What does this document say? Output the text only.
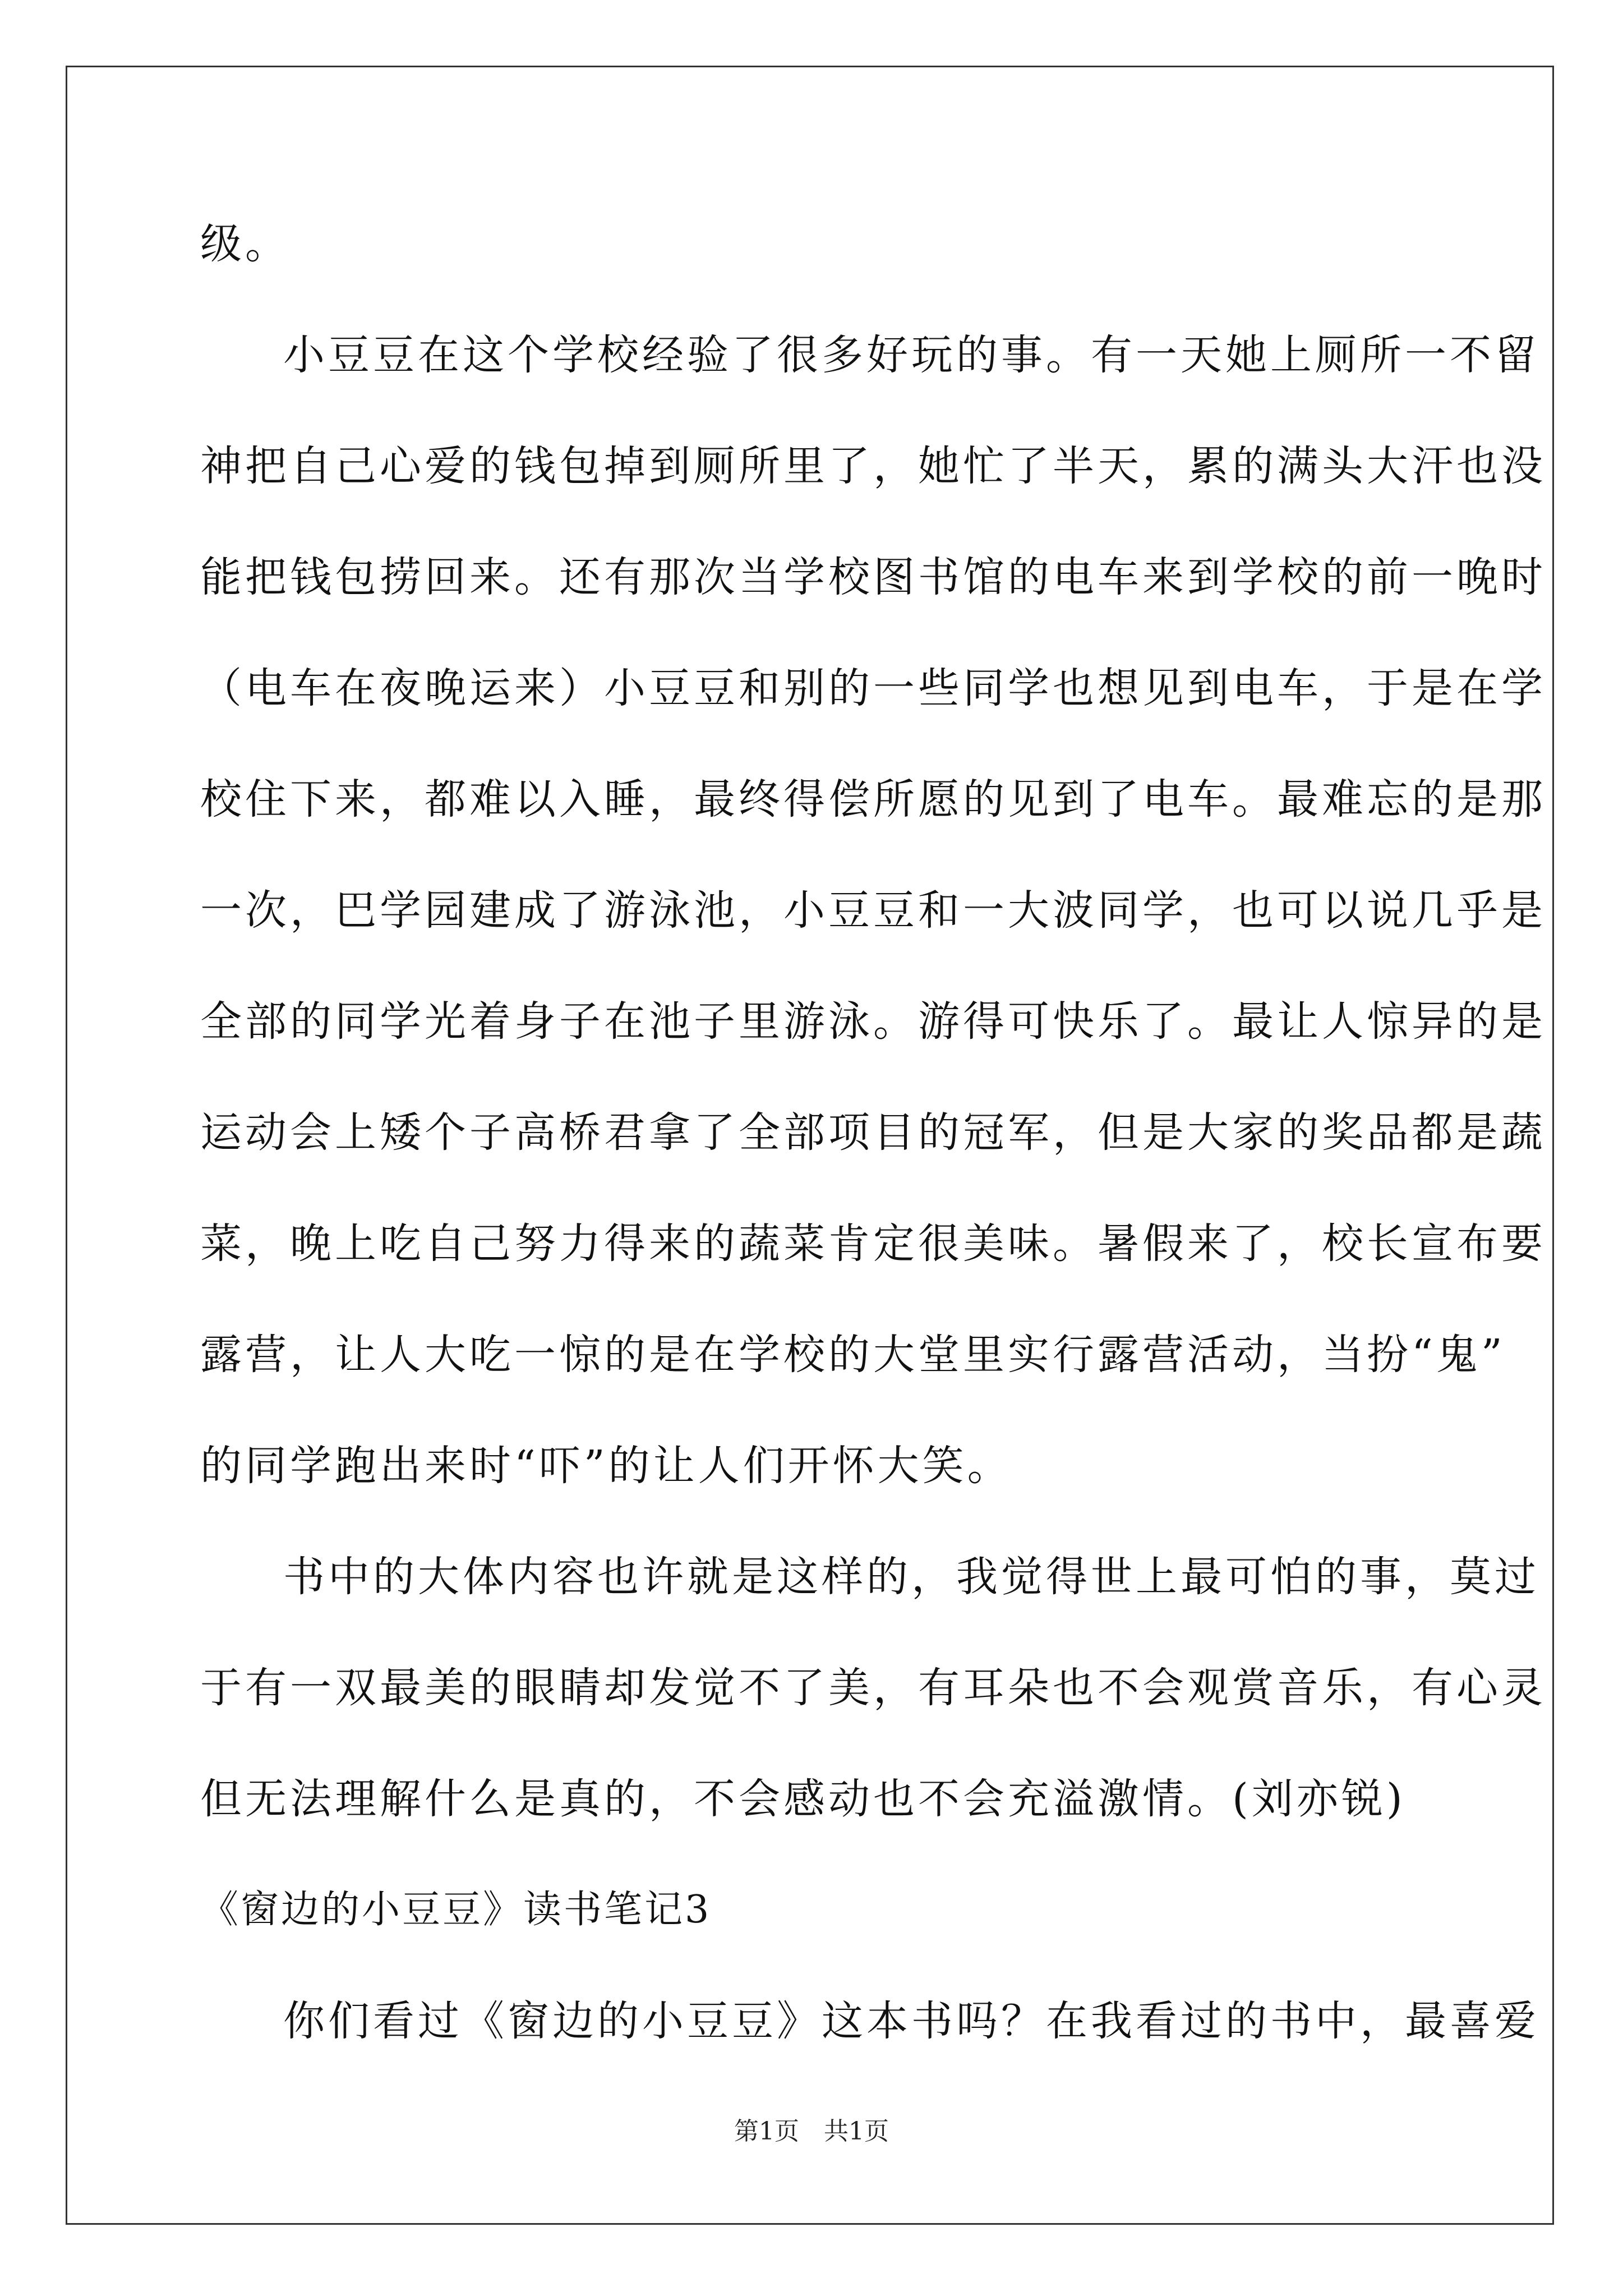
级。
小豆豆在这个学校经验了很多好玩的事。有一天她上厕所一不留
神把自己心爱的钱包掉到厕所里了，她忙了半天，累的满头大汗也没
能把钱包捞回来。还有那次当学校图书馆的电车来到学校的前一晚时
（电车在夜晚运来）小豆豆和别的一些同学也想见到电车，于是在学
校住下来，都难以入睡，最终得偿所愿的见到了电车。最难忘的是那
一次，巴学园建成了游泳池，小豆豆和一大波同学，也可以说几乎是
全部的同学光着身子在池子里游泳。游得可快乐了。最让人惊异的是
运动会上矮个子高桥君拿了全部项目的冠军，但是大家的奖品都是蔬
菜，晚上吃自己努力得来的蔬菜肯定很美味。暑假来了，校长宣布要
露营，让人大吃一惊的是在学校的大堂里实行露营活动，当扮“鬼”
的同学跑出来时“吓”的让人们开怀大笑。
书中的大体内容也许就是这样的，我觉得世上最可怕的事，莫过
于有一双最美的眼睛却发觉不了美，有耳朵也不会观赏音乐，有心灵
但无法理解什么是真的，不会感动也不会充溢激情。(刘亦锐)
《窗边的小豆豆》读书笔记3
你们看过《窗边的小豆豆》这本书吗？在我看过的书中，最喜爱
第1页　共1页
